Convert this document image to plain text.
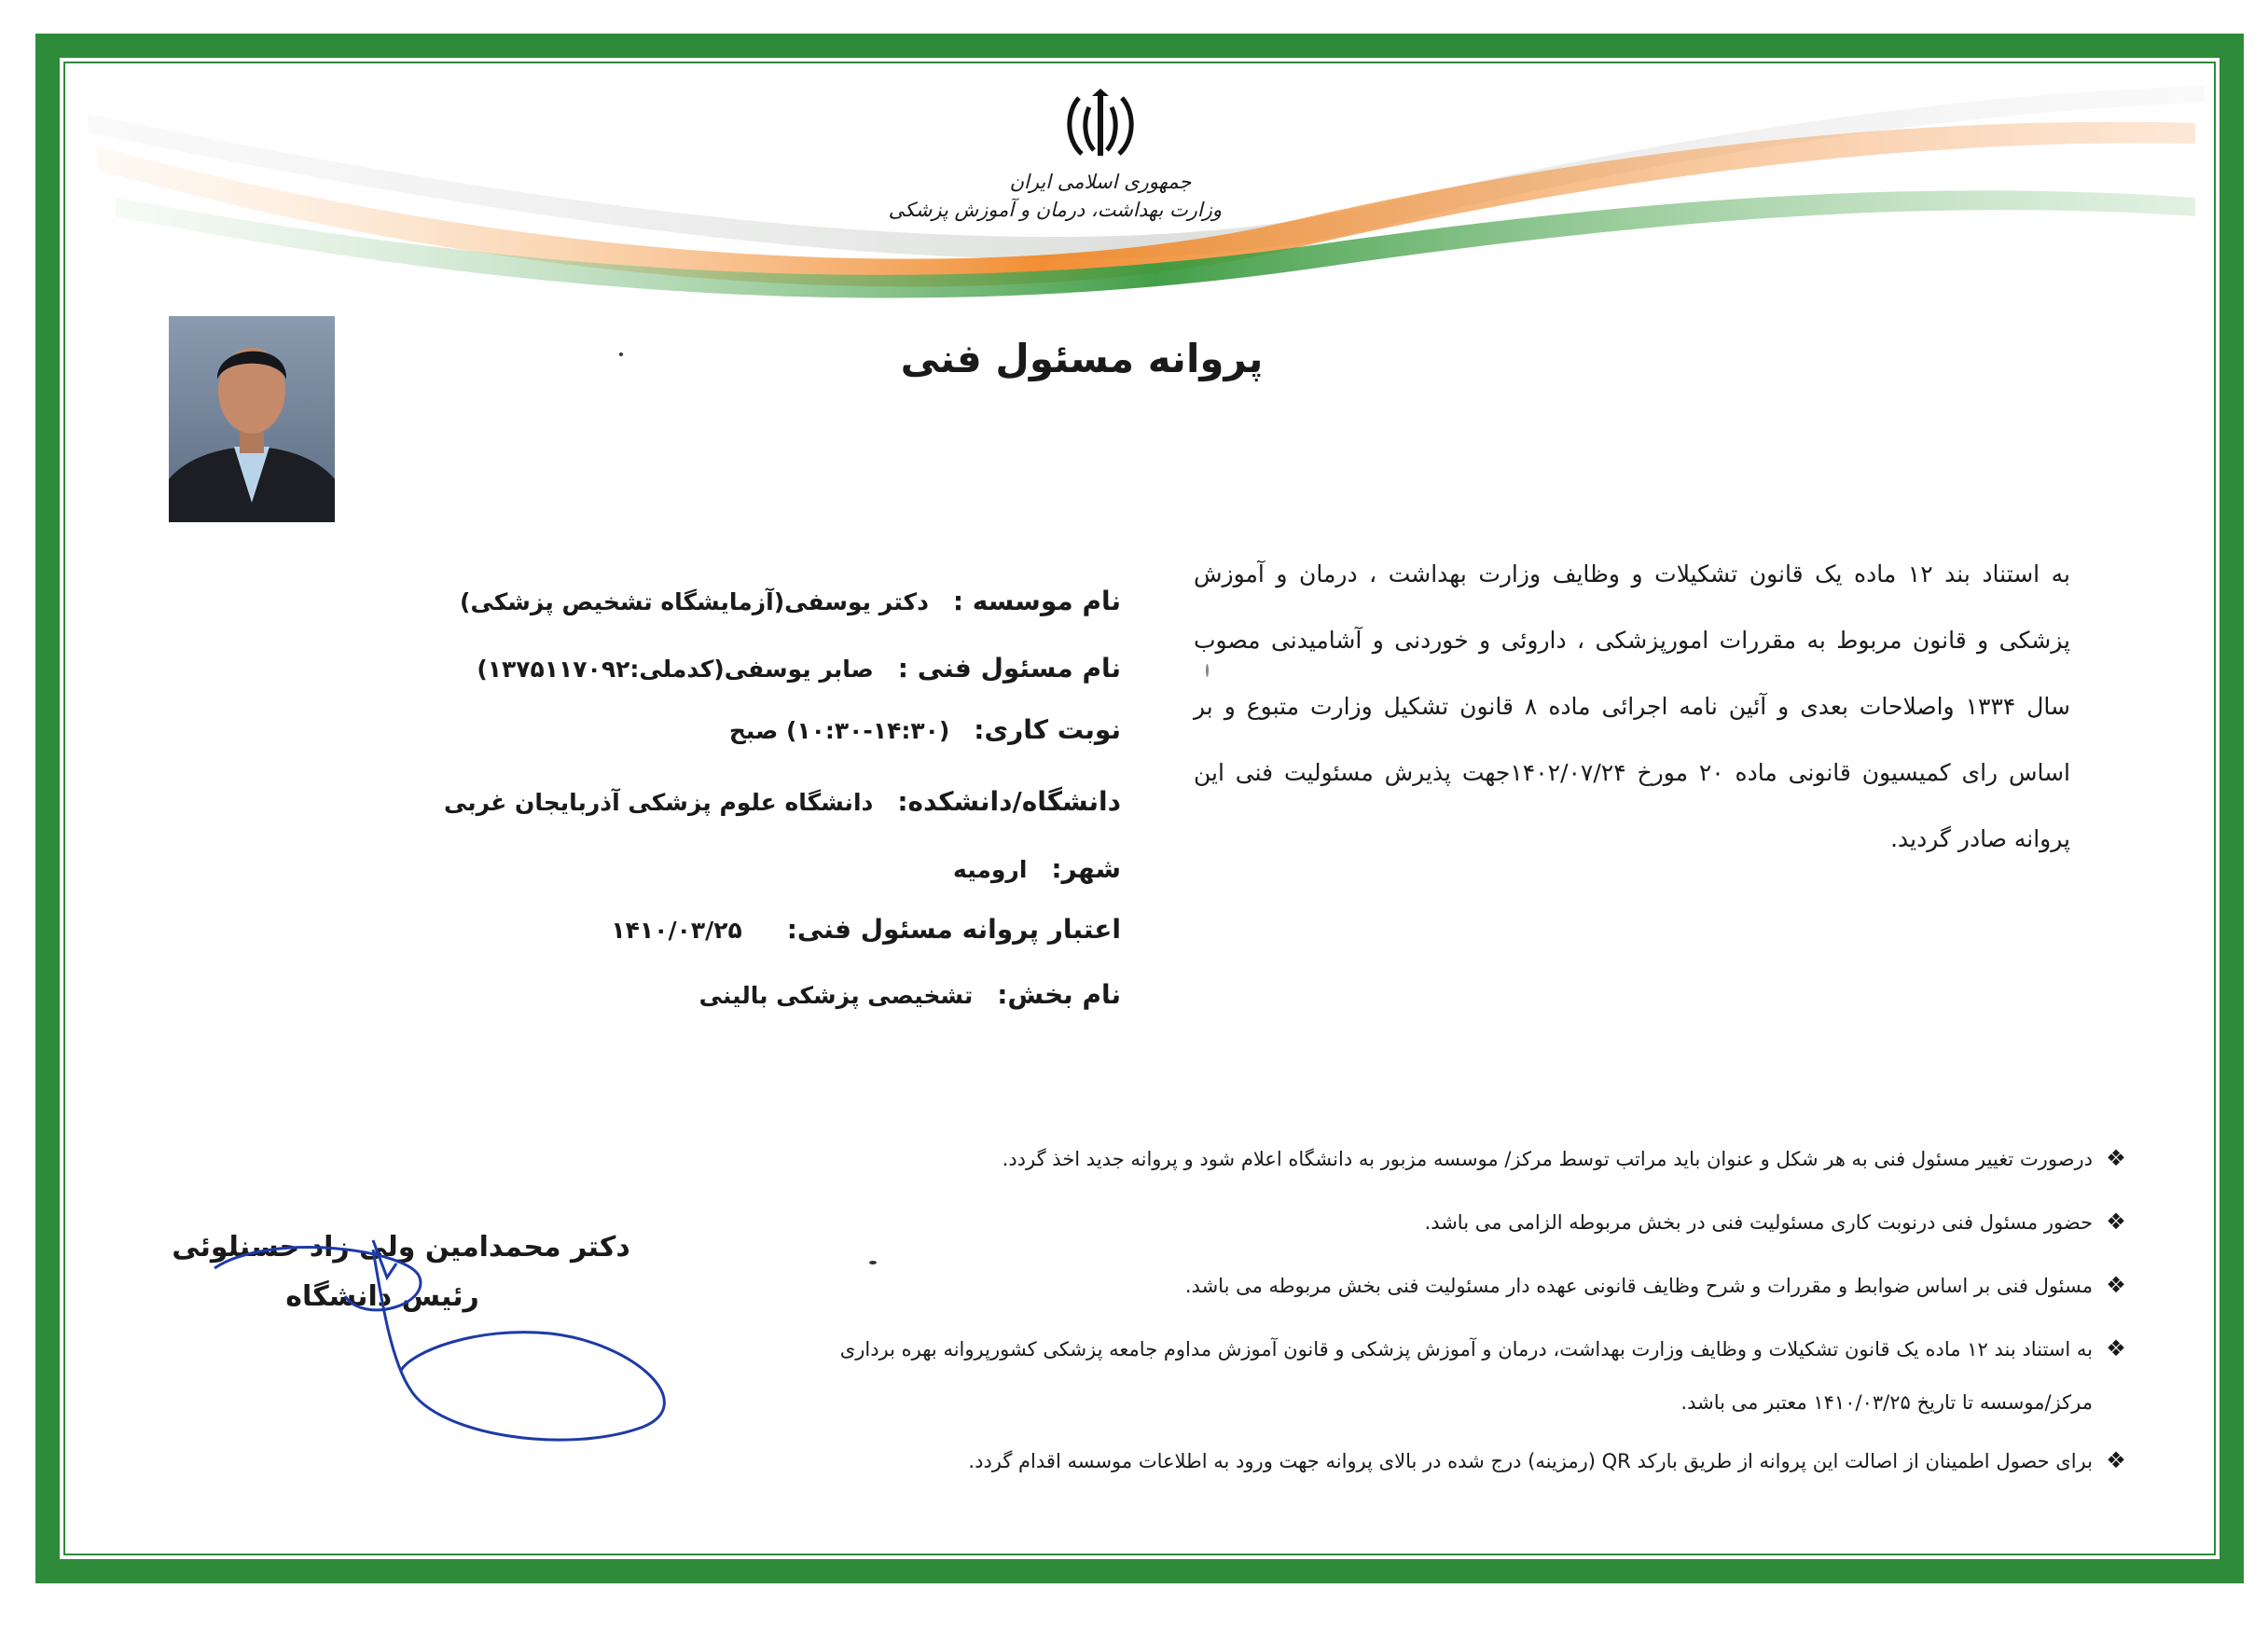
جمهوری اسلامی ایران
وزارت بهداشت، درمان و آموزش پزشکی
پروانه مسئول فنی
به استناد بند ۱۲ ماده یک قانون تشکیلات و وظایف وزارت بهداشت ، درمان و آموزش پزشکی و قانون مربوط به مقررات امورپزشکی ، داروئی و خوردنی و آشامیدنی مصوب سال ۱۳۳۴ واصلاحات بعدی و آئین نامه اجرائی ماده ۸ قانون تشکیل وزارت متبوع و بر اساس رای کمیسیون قانونی ماده ۲۰ مورخ ۱۴۰۲/۰۷/۲۴جهت پذیرش مسئولیت فنی این پروانه صادر گردید.
نام موسسه : دکتر یوسفی(آزمایشگاه تشخیص پزشکی)
نام مسئول فنی : صابر یوسفی(کدملی:۱۳۷۵۱۱۷۰۹۲)
نوبت کاری: (۱۴:۳۰-۱۰:۳۰) صبح
دانشگاه/دانشکده: دانشگاه علوم پزشکی آذربایجان غربی
شهر: ارومیه
اعتبار پروانه مسئول فنی: ۱۴۱۰/۰۳/۲۵
نام بخش: تشخیصی پزشکی بالینی
❖درصورت تغییر مسئول فنی به هر شکل و عنوان باید مراتب توسط مرکز/ موسسه مزبور به دانشگاه اعلام شود و پروانه جدید اخذ گردد.
❖حضور مسئول فنی درنوبت کاری مسئولیت فنی در بخش مربوطه الزامی می باشد.
❖مسئول فنی بر اساس ضوابط و مقررات و شرح وظایف قانونی عهده دار مسئولیت فنی بخش مربوطه می باشد.
❖به استناد بند ۱۲ ماده یک قانون تشکیلات و وظایف وزارت بهداشت، درمان و آموزش پزشکی و قانون آموزش مداوم جامعه پزشکی کشورپروانه بهره برداری
مرکز/موسسه تا تاریخ ۱۴۱۰/۰۳/۲۵ معتبر می باشد.
❖برای حصول اطمینان از اصالت این پروانه از طریق بارکد QR (رمزینه) درج شده در بالای پروانه جهت ورود به اطلاعات موسسه اقدام گردد.
دکتر محمدامین ولی زاد حسنلوئی
رئیس دانشگاه
